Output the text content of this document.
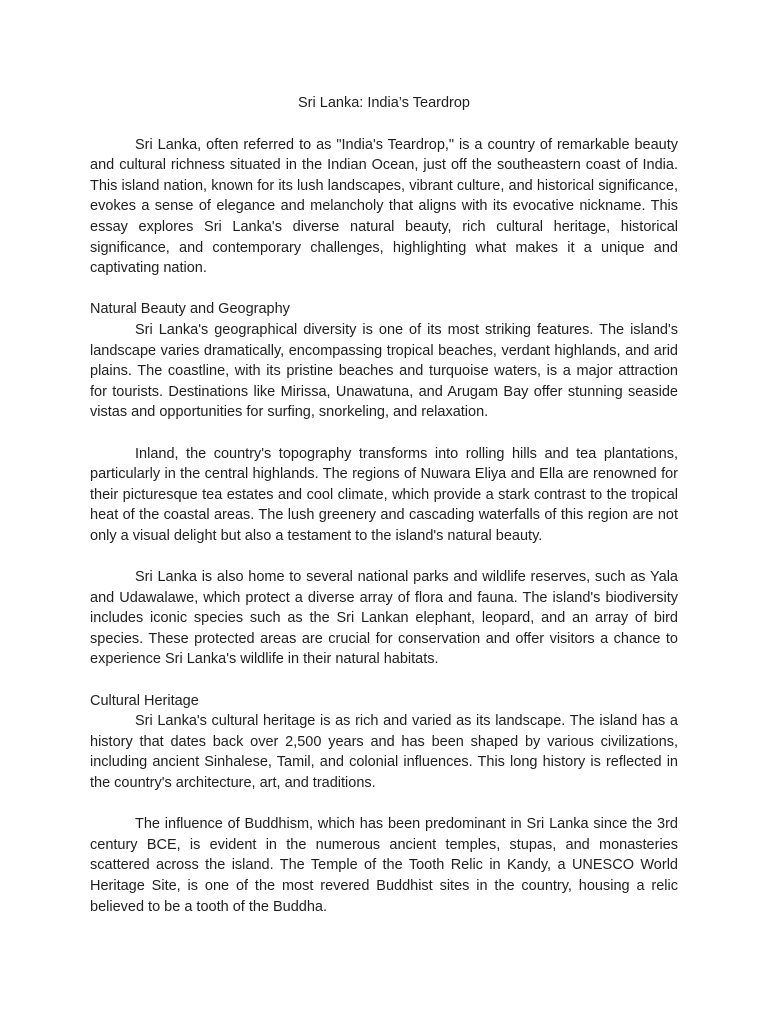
Sri Lanka: India’s Teardrop

Sri Lanka, often referred to as "India's Teardrop," is a country of remarkable beauty and cultural richness situated in the Indian Ocean, just off the southeastern coast of India. This island nation, known for its lush landscapes, vibrant culture, and historical significance, evokes a sense of elegance and melancholy that aligns with its evocative nickname. This essay explores Sri Lanka's diverse natural beauty, rich cultural heritage, historical significance, and contemporary challenges, highlighting what makes it a unique and captivating nation.

Natural Beauty and Geography

Sri Lanka's geographical diversity is one of its most striking features. The island's landscape varies dramatically, encompassing tropical beaches, verdant highlands, and arid plains. The coastline, with its pristine beaches and turquoise waters, is a major attraction for tourists. Destinations like Mirissa, Unawatuna, and Arugam Bay offer stunning seaside vistas and opportunities for surfing, snorkeling, and relaxation.

Inland, the country's topography transforms into rolling hills and tea plantations, particularly in the central highlands. The regions of Nuwara Eliya and Ella are renowned for their picturesque tea estates and cool climate, which provide a stark contrast to the tropical heat of the coastal areas. The lush greenery and cascading waterfalls of this region are not only a visual delight but also a testament to the island's natural beauty.

Sri Lanka is also home to several national parks and wildlife reserves, such as Yala and Udawalawe, which protect a diverse array of flora and fauna. The island's biodiversity includes iconic species such as the Sri Lankan elephant, leopard, and an array of bird species. These protected areas are crucial for conservation and offer visitors a chance to experience Sri Lanka's wildlife in their natural habitats.

Cultural Heritage

Sri Lanka's cultural heritage is as rich and varied as its landscape. The island has a history that dates back over 2,500 years and has been shaped by various civilizations, including ancient Sinhalese, Tamil, and colonial influences. This long history is reflected in the country's architecture, art, and traditions.

The influence of Buddhism, which has been predominant in Sri Lanka since the 3rd century BCE, is evident in the numerous ancient temples, stupas, and monasteries scattered across the island. The Temple of the Tooth Relic in Kandy, a UNESCO World Heritage Site, is one of the most revered Buddhist sites in the country, housing a relic believed to be a tooth of the Buddha.
